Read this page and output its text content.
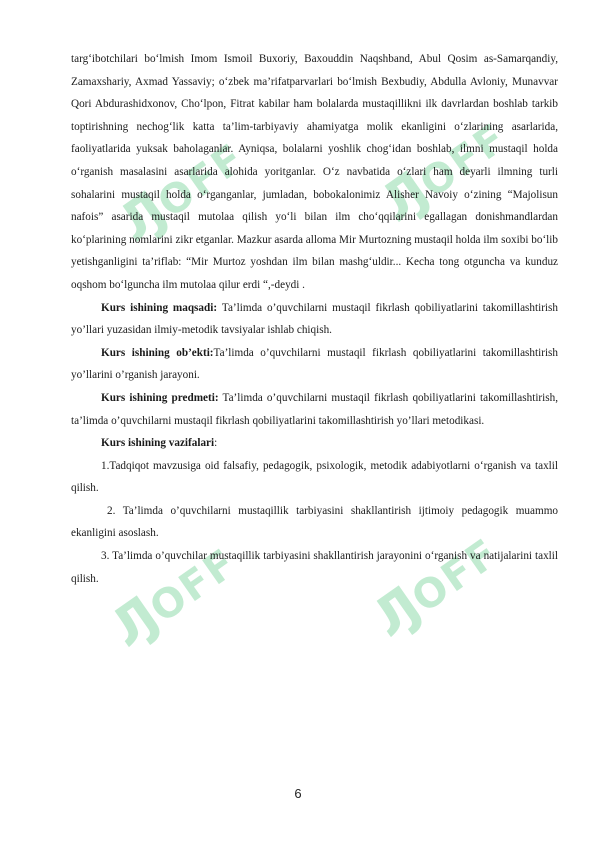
ԒOFF ԒOFF
ԒOFF ԒOFF

targ‘ibotchilari bo‘lmish Imom Ismoil Buxoriy, Baxouddin Naqshband, Abul Qosim as-Samarqandiy, Zamaxshariy, Axmad Yassaviy; o‘zbek ma’rifatparvarlari bo‘lmish Bexbudiy, Abdulla Avloniy, Munavvar Qori Abdurashidxonov, Cho‘lpon, Fitrat kabilar ham bolalarda mustaqillikni ilk davrlardan boshlab tarkib toptirishning nechog‘lik katta ta’lim-tarbiyaviy ahamiyatga molik ekanligini o‘zlarining asarlarida, faoliyatlarida yuksak baholaganlar. Ayniqsa, bolalarni yoshlik chog‘idan boshlab, ilmni mustaqil holda o‘rganish masalasini asarlarida alohida yoritganlar. O‘z navbatida o‘zlari ham deyarli ilmning turli sohalarini mustaqil holda o‘rganganlar, jumladan, bobokalonimiz Alisher Navoiy o‘zining “Majolisun nafois” asarida mustaqil mutolaa qilish yo‘li bilan ilm cho‘qqilarini egallagan donishmandlardan ko‘plarining nomlarini zikr etganlar. Mazkur asarda alloma Mir Murtozning mustaqil holda ilm soxibi bo‘lib yetishganligini ta’riflab: “Mir Murtoz yoshdan ilm bilan mashg‘uldir... Kecha tong otguncha va kunduz oqshom bo‘lguncha ilm mutolaa qilur erdi “,-deydi .

Kurs ishining maqsadi: Ta’limda o’quvchilarni mustaqil fikrlash qobiliyatlarini takomillashtirish yo’llari yuzasidan ilmiy-metodik tavsiyalar ishlab chiqish.

Kurs ishining ob’ekti:Ta’limda o’quvchilarni mustaqil fikrlash qobiliyatlarini takomillashtirish yo’llarini o’rganish jarayoni.

Kurs ishining predmeti: Ta’limda o’quvchilarni mustaqil fikrlash qobiliyatlarini takomillashtirish, ta’limda o’quvchilarni mustaqil fikrlash qobiliyatlarini takomillashtirish yo’llari metodikasi.

Kurs ishining vazifalari:

1.Tadqiqot mavzusiga oid falsafiy, pedagogik, psixologik, metodik adabiyotlarni o‘rganish va taxlil qilish.

2. Ta’limda o’quvchilarni mustaqillik tarbiyasini shakllantirish ijtimoiy pedagogik muammo ekanligini asoslash.

3. Ta’limda o’quvchilar mustaqillik tarbiyasini shakllantirish jarayonini o‘rganish va natijalarini taxlil qilish.

6
